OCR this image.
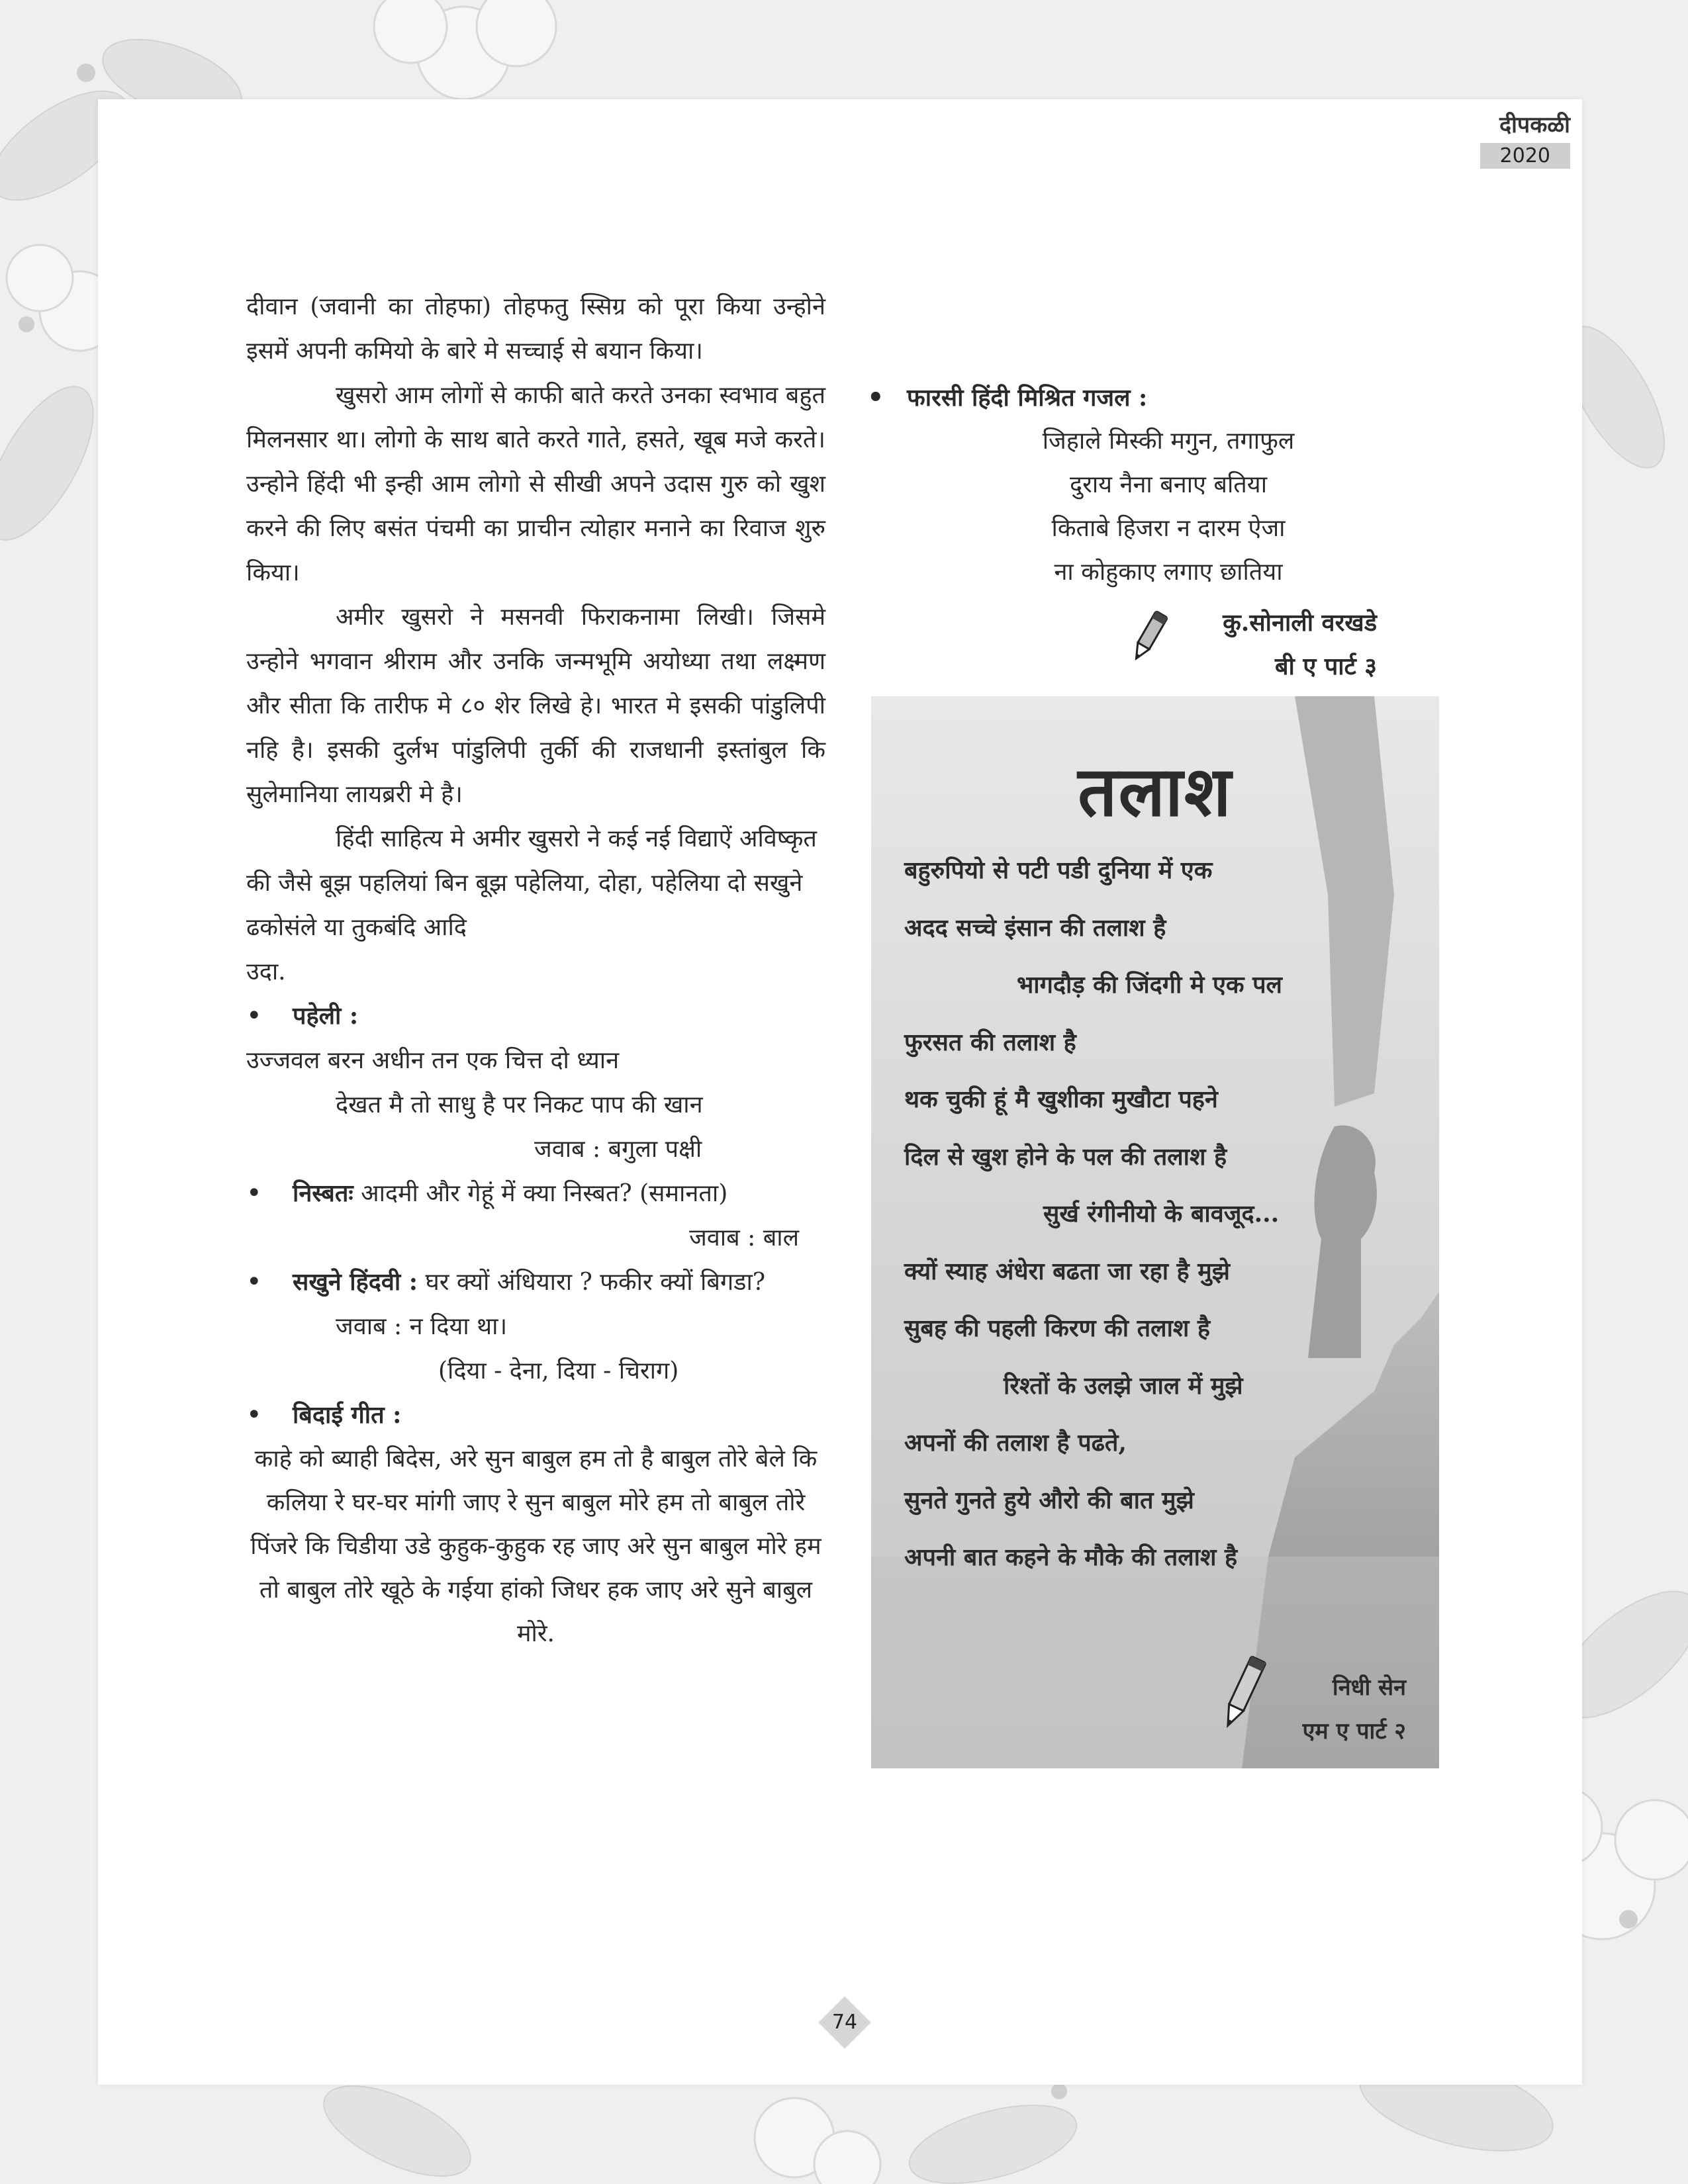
दीपकळी
2020

दीवान (जवानी का तोहफा) तोहफतु स्सिग्र को पूरा किया उन्होने इसमें अपनी कमियो के बारे मे सच्चाई से बयान किया।

खुसरो आम लोगों से काफी बाते करते उनका स्वभाव बहुत मिलनसार था। लोगो के साथ बाते करते गाते, हसते, खूब मजे करते। उन्होने हिंदी भी इन्ही आम लोगो से सीखी अपने उदास गुरु को खुश करने की लिए बसंत पंचमी का प्राचीन त्योहार मनाने का रिवाज शुरु किया।

अमीर खुसरो ने मसनवी फिराकनामा लिखी। जिसमे उन्होने भगवान श्रीराम और उनकि जन्मभूमि अयोध्या तथा लक्ष्मण और सीता कि तारीफ मे ८० शेर लिखे हे। भारत मे इसकी पांडुलिपी नहि है। इसकी दुर्लभ पांडुलिपी तुर्की की राजधानी इस्तांबुल कि सुलेमानिया लायब्ररी मे है।

हिंदी साहित्य मे अमीर खुसरो ने कई नई विद्याऐं अविष्कृत की जैसे बूझ पहलियां बिन बूझ पहेलिया, दोहा, पहेलिया दो सखुने ढकोसंले या तुकबंदि आदि

उदा.

• पहेली :

उज्जवल बरन अधीन तन एक चित्त दो ध्यान

देखत मै तो साधु है पर निकट पाप की खान

जवाब : बगुला पक्षी

• निस्बतः आदमी और गेहूं में क्या निस्बत? (समानता)

जवाब : बाल

• सखुने हिंदवी : घर क्यों अंधियारा ? फकीर क्यों बिगडा?

जवाब : न दिया था।

(दिया - देना, दिया - चिराग)

• बिदाई गीत :

काहे को ब्याही बिदेस, अरे सुन बाबुल हम तो है बाबुल तोरे बेले कि कलिया रे घर-घर मांगी जाए रे सुन बाबुल मोरे हम तो बाबुल तोरे पिंजरे कि चिडीया उडे कुहुक-कुहुक रह जाए अरे सुन बाबुल मोरे हम तो बाबुल तोरे खूठे के गईया हांको जिधर हक जाए अरे सुने बाबुल मोरे.

• फारसी हिंदी मिश्रित गजल :
जिहाले मिस्की मगुन, तगाफुल
दुराय नैना बनाए बतिया
किताबे हिजरा न दारम ऐजा
ना कोहुकाए लगाए छातिया
कु.सोनाली वरखडे
बी ए पार्ट ३
तलाश
बहुरुपियो से पटी पडी दुनिया में एक
अदद सच्चे इंसान की तलाश है
भागदौड़ की जिंदगी मे एक पल
फुरसत की तलाश है
थक चुकी हूं मै खुशीका मुखौटा पहने
दिल से खुश होने के पल की तलाश है
सुर्ख रंगीनीयो के बावजूद...
क्यों स्याह अंधेरा बढता जा रहा है मुझे
सुबह की पहली किरण की तलाश है
रिश्तों के उलझे जाल में मुझे
अपनों की तलाश है पढते,
सुनते गुनते हुये औरो की बात मुझे
अपनी बात कहने के मौके की तलाश है
निधी सेन
एम ए पार्ट २
74
